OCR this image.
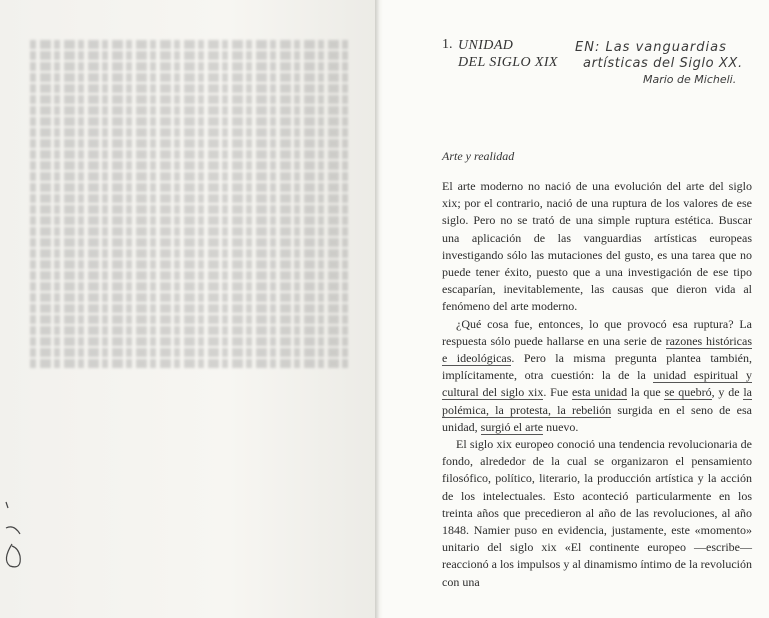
1. UNIDAD
DEL SIGLO XIX
EN: Las vanguardias
artísticas del Siglo XX.
Mario de Micheli.
Arte y realidad

El arte moderno no nació de una evolución del arte del siglo xix; por el contrario, nació de una ruptura de los valores de ese siglo. Pero no se trató de una simple ruptura estética. Buscar una aplicación de las vanguardias artísticas europeas investigando sólo las mutaciones del gusto, es una tarea que no puede tener éxito, puesto que a una investigación de ese tipo escaparían, inevitablemente, las causas que dieron vida al fenómeno del arte moderno.

¿Qué cosa fue, entonces, lo que provocó esa ruptura? La respuesta sólo puede hallarse en una serie de razones históricas e ideológicas. Pero la misma pregunta plantea también, implícitamente, otra cuestión: la de la unidad espiritual y cultural del siglo xix. Fue esta unidad la que se quebró, y de la polémica, la protesta, la rebelión surgida en el seno de esa unidad, surgió el arte nuevo.

El siglo xix europeo conoció una tendencia revolucionaria de fondo, alrededor de la cual se organizaron el pensamiento filosófico, político, literario, la producción artística y la acción de los intelectuales. Esto aconteció particularmente en los treinta años que precedieron al año de las revoluciones, al año 1848. Namier puso en evidencia, justamente, este «momento» unitario del siglo xix «El continente europeo —escribe— reaccionó a los impulsos y al dinamismo íntimo de la revolución con una
